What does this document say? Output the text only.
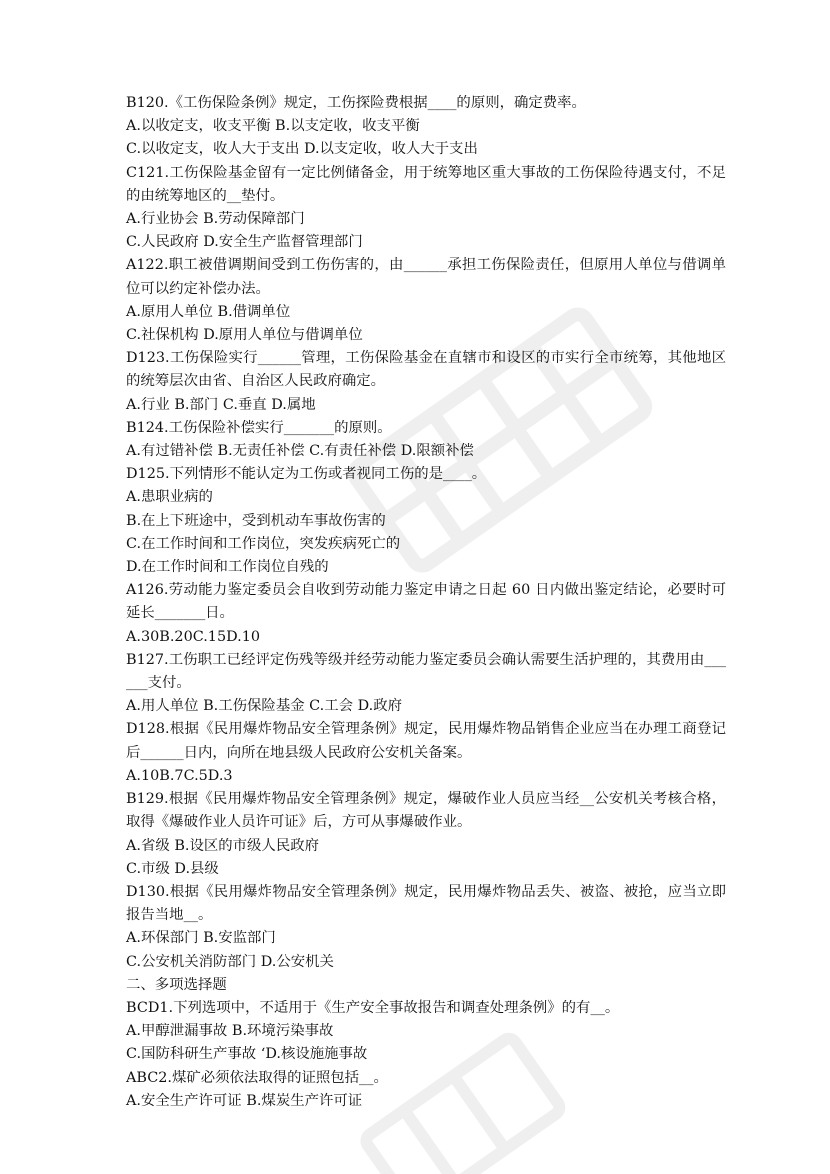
B120.《工伤保险条例》规定，工伤探险费根据____的原则，确定费率。

A.以收定支，收支平衡 B.以支定收，收支平衡

C.以收定支，收人大于支出 D.以支定收，收人大于支出

C121.工伤保险基金留有一定比例储备金，用于统筹地区重大事故的工伤保险待遇支付，不足的由统筹地区的__垫付。

A.行业协会 B.劳动保障部门

C.人民政府 D.安全生产监督管理部门

A122.职工被借调期间受到工伤伤害的，由______承担工伤保险责任，但原用人单位与借调单位可以约定补偿办法。

A.原用人单位 B.借调单位

C.社保机构 D.原用人单位与借调单位

D123.工伤保险实行______管理，工伤保险基金在直辖市和设区的市实行全市统筹，其他地区的统筹层次由省、自治区人民政府确定。

A.行业 B.部门 C.垂直 D.属地

B124.工伤保险补偿实行_______的原则。

A.有过错补偿 B.无责任补偿 C.有责任补偿 D.限额补偿

D125.下列情形不能认定为工伤或者视同工伤的是____。

A.患职业病的

B.在上下班途中，受到机动车事故伤害的

C.在工作时间和工作岗位，突发疾病死亡的

D.在工作时间和工作岗位自残的

A126.劳动能力鉴定委员会自收到劳动能力鉴定申请之日起 60 日内做出鉴定结论，必要时可延长_______日。

A.30B.20C.15D.10

B127.工伤职工已经评定伤残等级并经劳动能力鉴定委员会确认需要生活护理的，其费用由______支付。

A.用人单位 B.工伤保险基金 C.工会 D.政府

D128.根据《民用爆炸物品安全管理条例》规定，民用爆炸物品销售企业应当在办理工商登记后______日内，向所在地县级人民政府公安机关备案。

A.10B.7C.5D.3

B129.根据《民用爆炸物品安全管理条例》规定，爆破作业人员应当经__公安机关考核合格，取得《爆破作业人员许可证》后，方可从事爆破作业。

A.省级 B.设区的市级人民政府

C.市级 D.县级

D130.根据《民用爆炸物品安全管理条例》规定，民用爆炸物品丢失、被盗、被抢，应当立即报告当地__。

A.环保部门 B.安监部门

C.公安机关消防部门 D.公安机关

二、多项选择题

BCD1.下列选项中，不适用于《生产安全事故报告和调查处理条例》的有__。

A.甲醇泄漏事故 B.环境污染事故

C.国防科研生产事故 ‘D.核设施施事故

ABC2.煤矿必须依法取得的证照包括__。

A.安全生产许可证 B.煤炭生产许可证
